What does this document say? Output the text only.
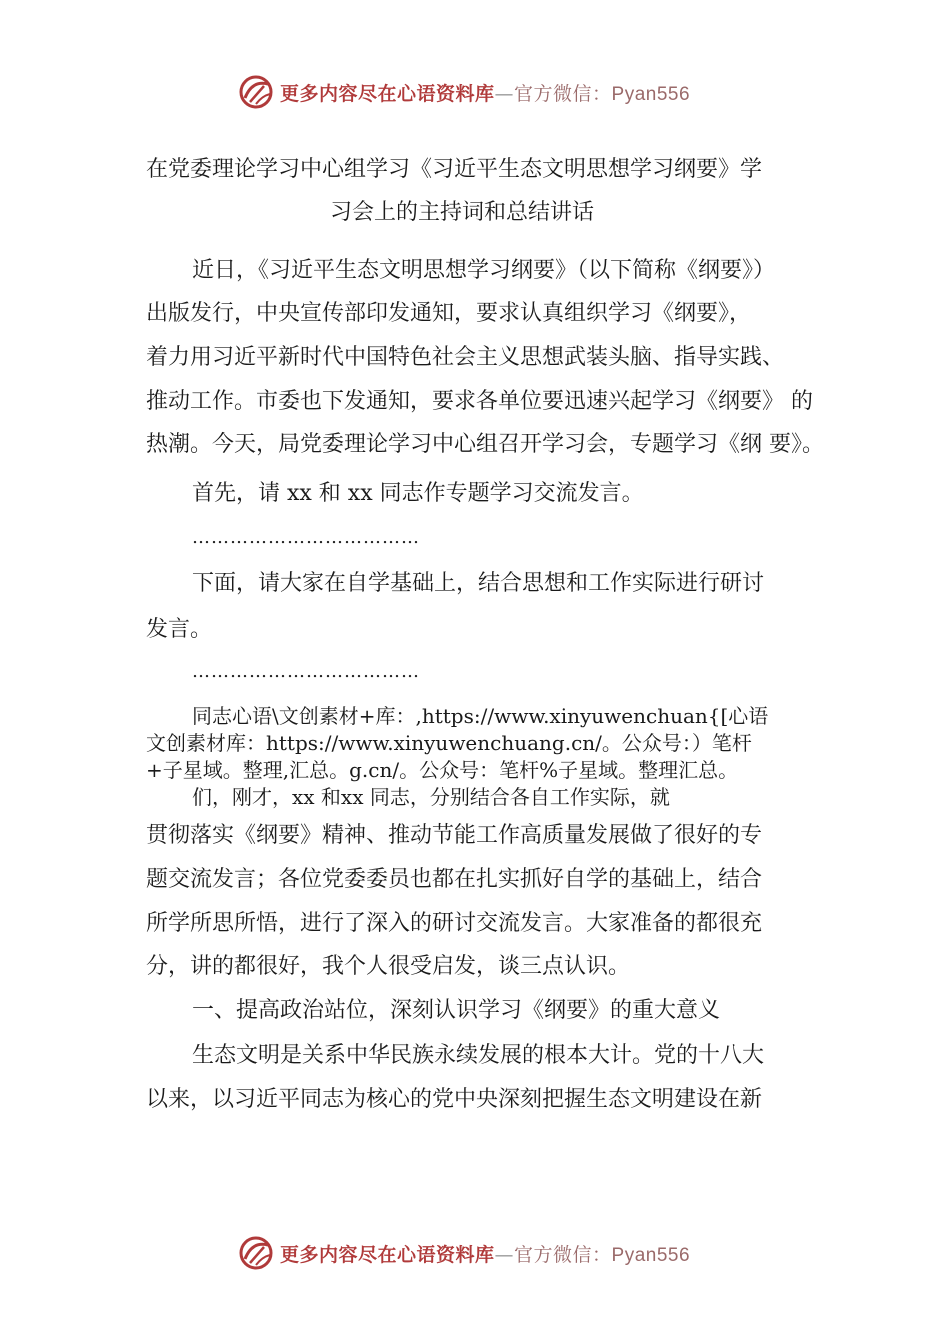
更多内容尽在心语资料库—官方微信：Pyan556
在党委理论学习中心组学习《习近平生态文明思想学习纲要》学
习会上的主持词和总结讲话
近日，《习近平生态文明思想学习纲要》（以下简称《纲要》）
出版发行，中央宣传部印发通知，要求认真组织学习《纲要》，
着力用习近平新时代中国特色社会主义思想武装头脑、指导实践、
推动工作。市委也下发通知，要求各单位要迅速兴起学习《纲要》 的
热潮。今天，局党委理论学习中心组召开学习会，专题学习《纲 要》。
首先，请 xx 和 xx 同志作专题学习交流发言。
………………………………
下面，请大家在自学基础上，结合思想和工作实际进行研讨
发言。
………………………………
同志心语\文创素材+库：,https://www.xinyuwenchuan{[心语
文创素材库：https://www.xinyuwenchuang.cn/。公众号：）笔杆
+子星域。整理,汇总。g.cn/。公众号：笔杆%子星域。整理汇总。
们，刚才，xx 和xx 同志，分别结合各自工作实际，就
贯彻落实《纲要》精神、推动节能工作高质量发展做了很好的专
题交流发言；各位党委委员也都在扎实抓好自学的基础上，结合
所学所思所悟，进行了深入的研讨交流发言。大家准备的都很充
分，讲的都很好，我个人很受启发，谈三点认识。
一、提高政治站位，深刻认识学习《纲要》的重大意义
生态文明是关系中华民族永续发展的根本大计。党的十八大
以来，以习近平同志为核心的党中央深刻把握生态文明建设在新
更多内容尽在心语资料库—官方微信：Pyan556
